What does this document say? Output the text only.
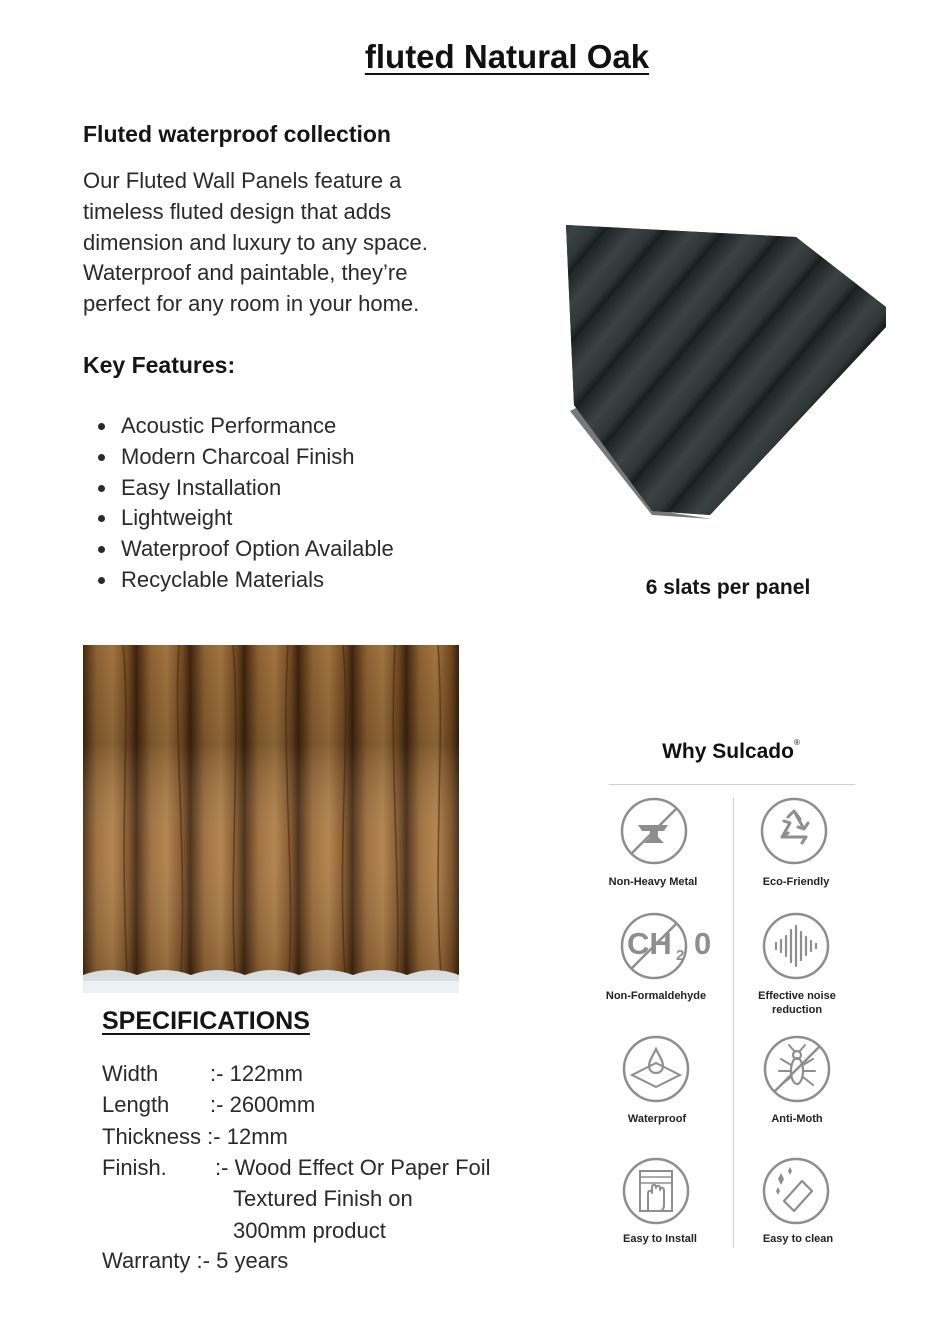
fluted Natural Oak
Fluted waterproof collection
Our Fluted Wall Panels feature a
timeless fluted design that adds
dimension and luxury to any space.
Waterproof and paintable, they’re
perfect for any room in your home.
Key Features:
Acoustic Performance
Modern Charcoal Finish
Easy Installation
Lightweight
Waterproof Option Available
Recyclable Materials	6 slats per panel
SPECIFICATIONS
Width :- 122mm
Length :- 2600mm
Thickness :- 12mm
Finish. :- Wood Effect Or Paper Foil
Textured Finish on
300mm product
Warranty :- 5 years
Why Sulcado®
Non-Heavy Metal	Eco-Friendly
CH 2 0
Non-Formaldehyde	Effective noise reduction
Waterproof	Anti-Moth
Easy to Install	Easy to clean
